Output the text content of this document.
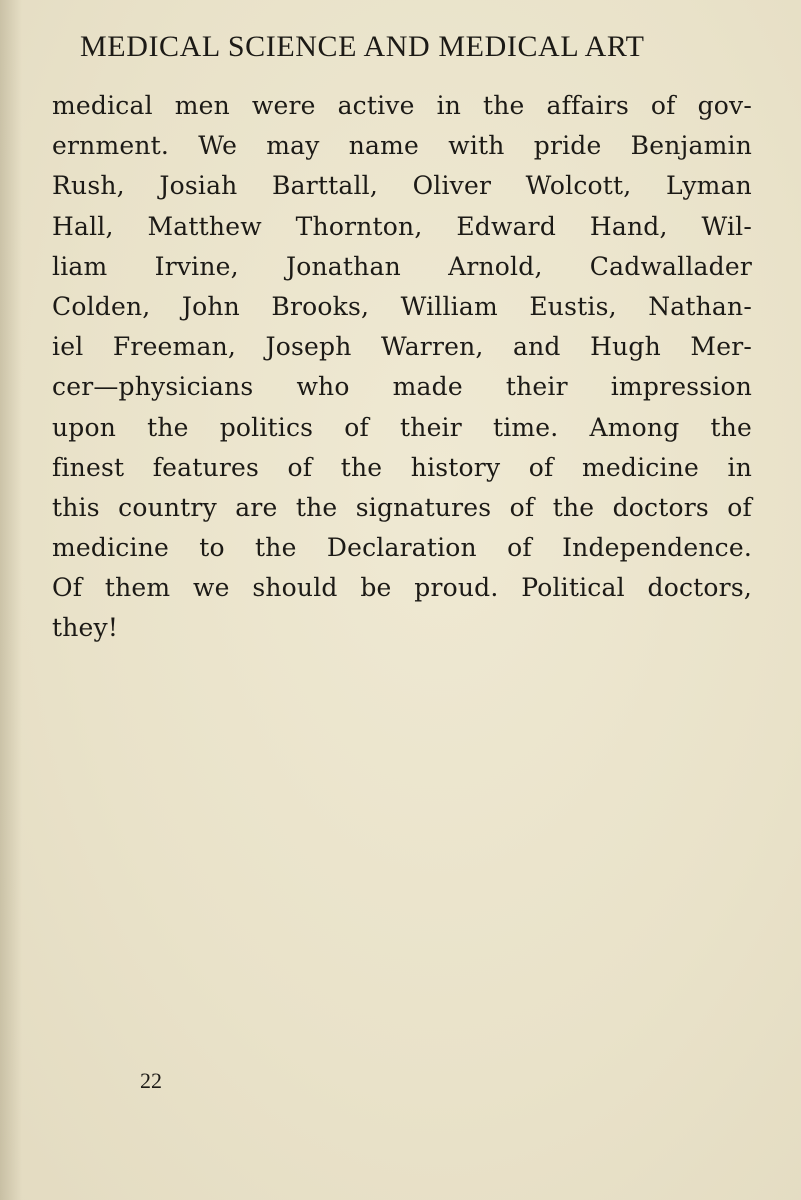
MEDICAL SCIENCE AND MEDICAL ART
medical men were active in the affairs of gov-
ernment. We may name with pride Benjamin
Rush, Josiah Barttall, Oliver Wolcott, Lyman
Hall, Matthew Thornton, Edward Hand, Wil-
liam Irvine, Jonathan Arnold, Cadwallader
Colden, John Brooks, William Eustis, Nathan-
iel Freeman, Joseph Warren, and Hugh Mer-
cer—physicians who made their impression
upon the politics of their time. Among the
finest features of the history of medicine in
this country are the signatures of the doctors of
medicine to the Declaration of Independence.
Of them we should be proud. Political doctors,
they!

22
